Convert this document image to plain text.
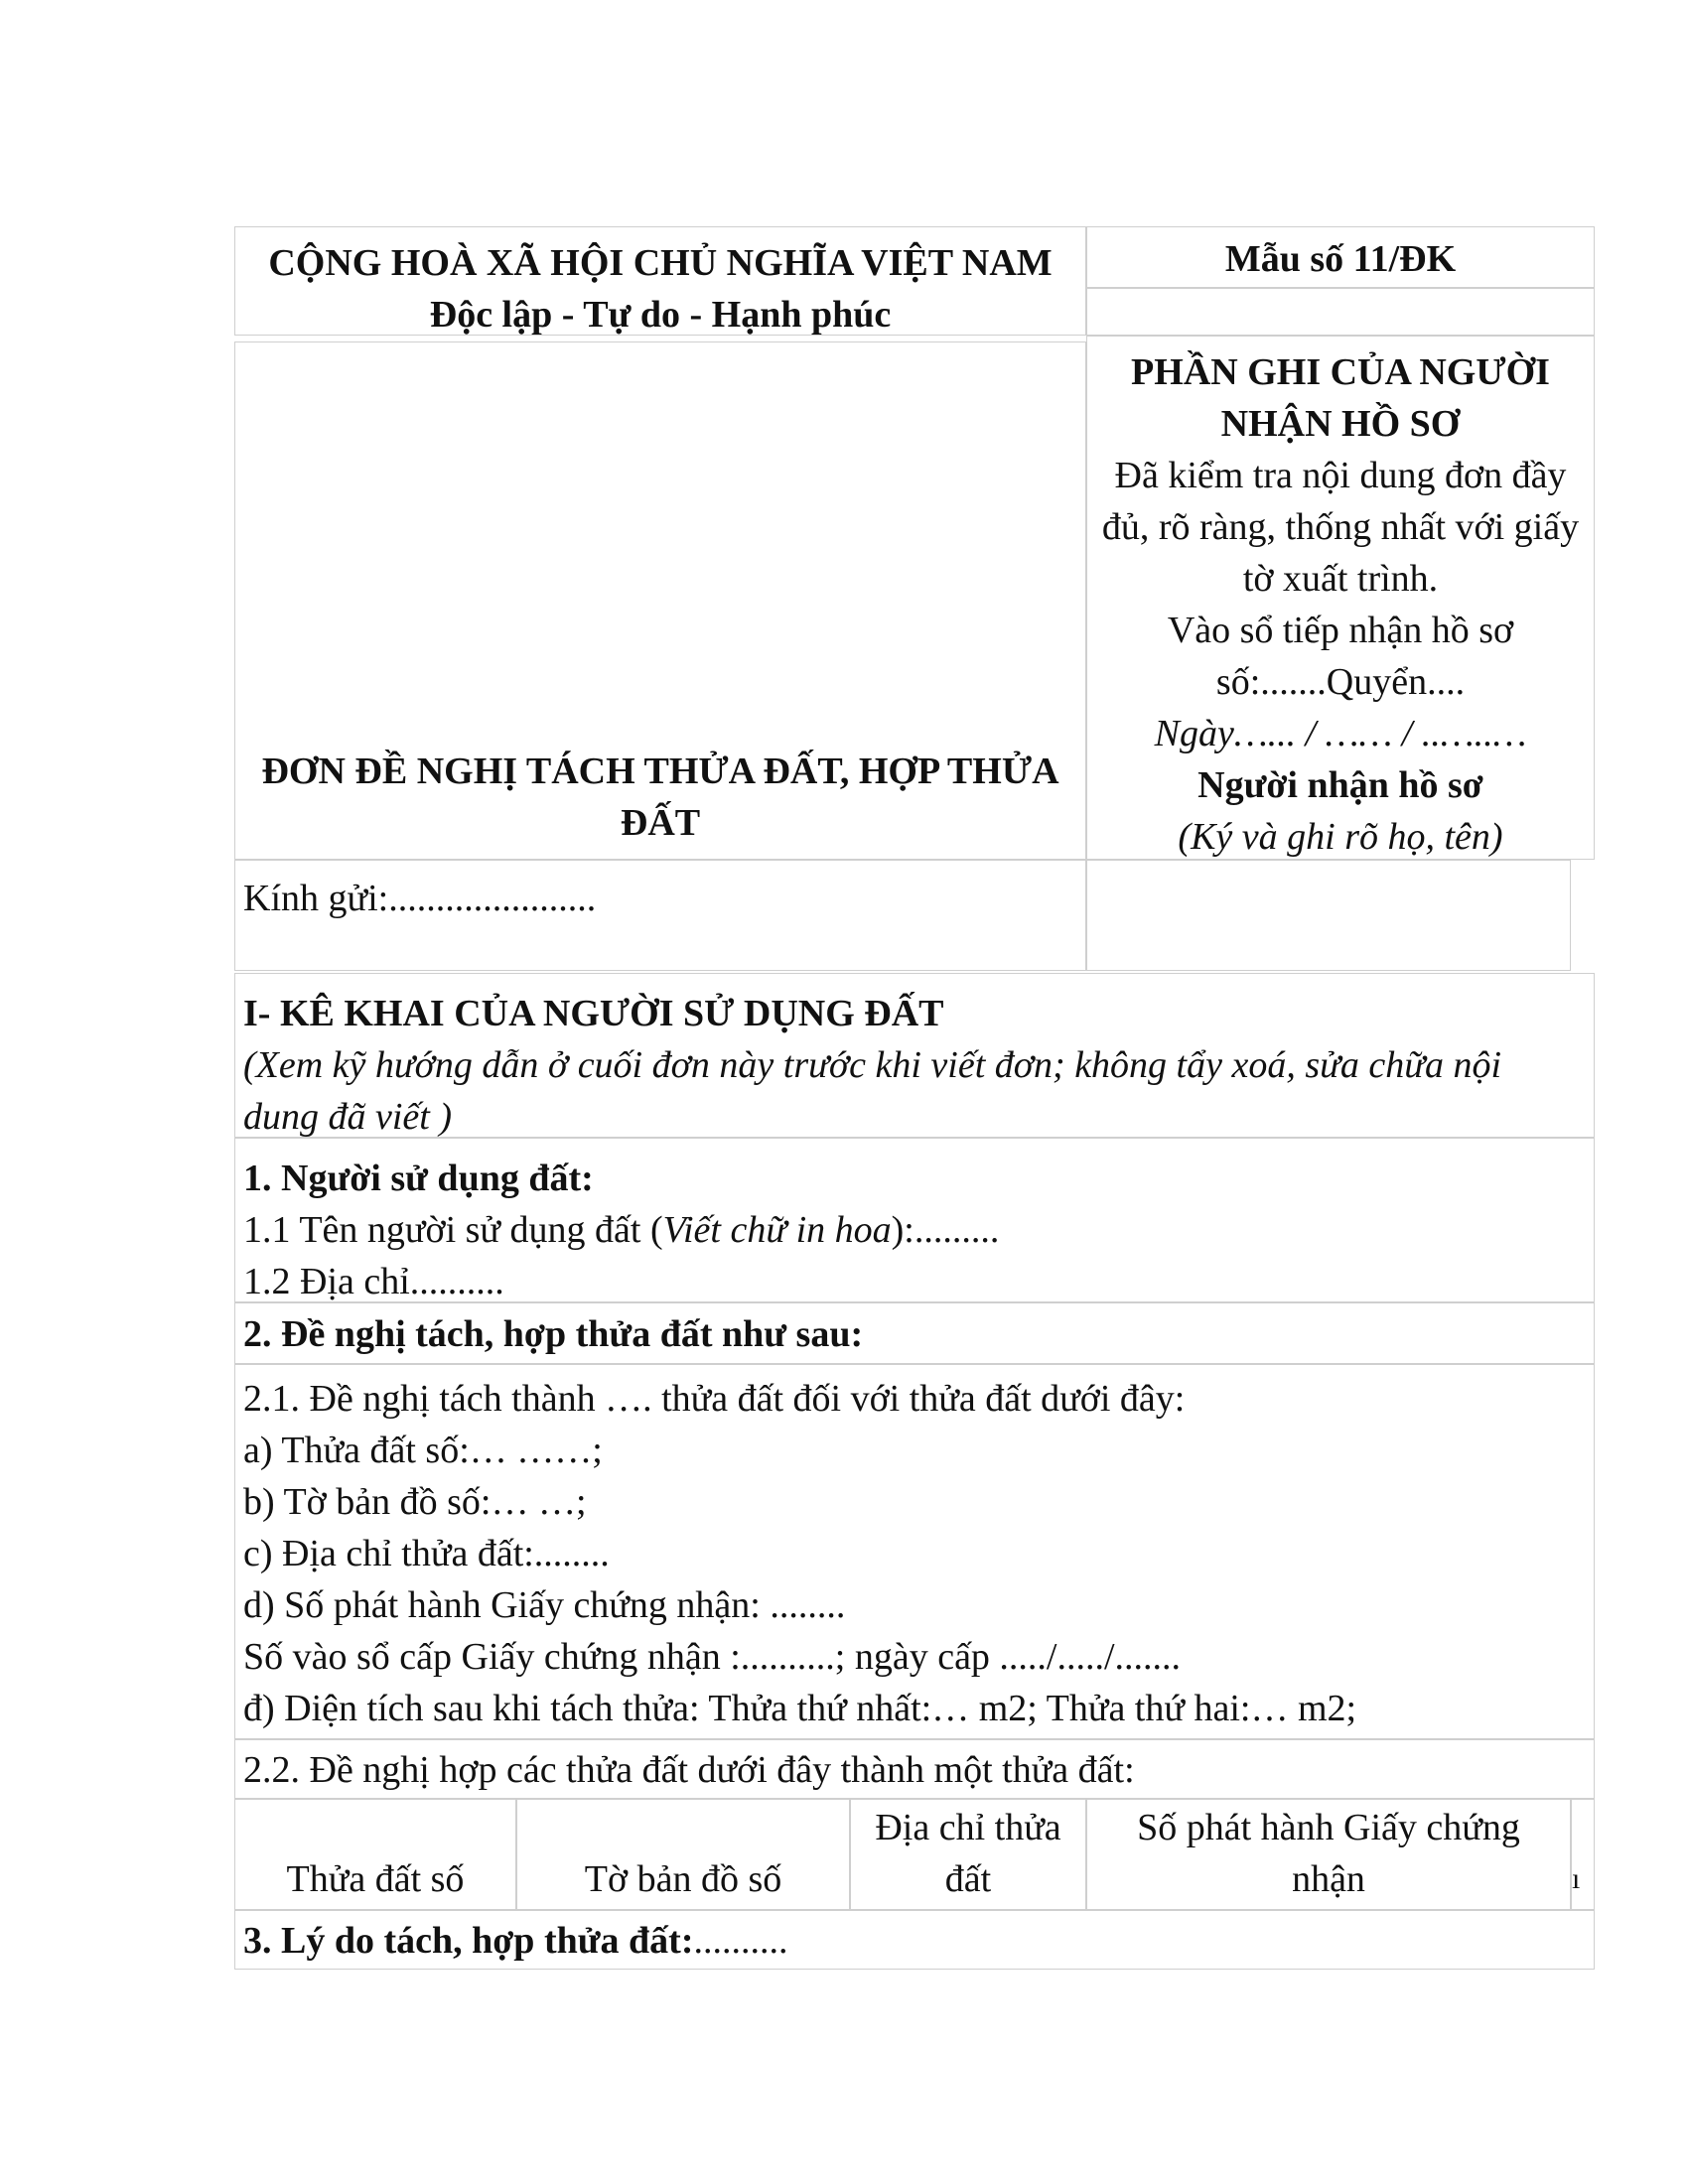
CỘNG HOÀ XÃ HỘI CHỦ NGHĨA VIỆT NAM
Độc lập - Tự do - Hạnh phúc
Mẫu số 11/ĐK
ĐƠN ĐỀ NGHỊ TÁCH THỬA ĐẤT, HỢP THỬA ĐẤT
PHẦN GHI CỦA NGƯỜI NHẬN HỒ SƠ
Đã kiểm tra nội dung đơn đầy đủ, rõ ràng, thống nhất với giấy tờ xuất trình.
Vào sổ tiếp nhận hồ sơ số:.......Quyển....
Ngày…... / …… / ..…..…
Người nhận hồ sơ
(Ký và ghi rõ họ, tên)
Kính gửi:......................
I- KÊ KHAI CỦA NGƯỜI SỬ DỤNG ĐẤT
(Xem kỹ hướng dẫn ở cuối đơn này trước khi viết đơn; không tẩy xoá, sửa chữa nội dung đã viết )
1. Người sử dụng đất:
1.1 Tên người sử dụng đất (Viết chữ in hoa):.........
1.2 Địa chỉ..........
2. Đề nghị tách, hợp thửa đất như sau:
2.1. Đề nghị tách thành …. thửa đất đối với thửa đất dưới đây:
a) Thửa đất số:… ……;
b) Tờ bản đồ số:… …;
c) Địa chỉ thửa đất:........
d) Số phát hành Giấy chứng nhận: ........
Số vào sổ cấp Giấy chứng nhận :..........; ngày cấp ...../...../.......
đ) Diện tích sau khi tách thửa: Thửa thứ nhất:… m2; Thửa thứ hai:… m2;
2.2. Đề nghị hợp các thửa đất dưới đây thành một thửa đất:
Thửa đất số	Tờ bản đồ số
Địa chỉ thửa đất
Số phát hành Giấy chứng nhận	ı
3. Lý do tách, hợp thửa đất:..........
